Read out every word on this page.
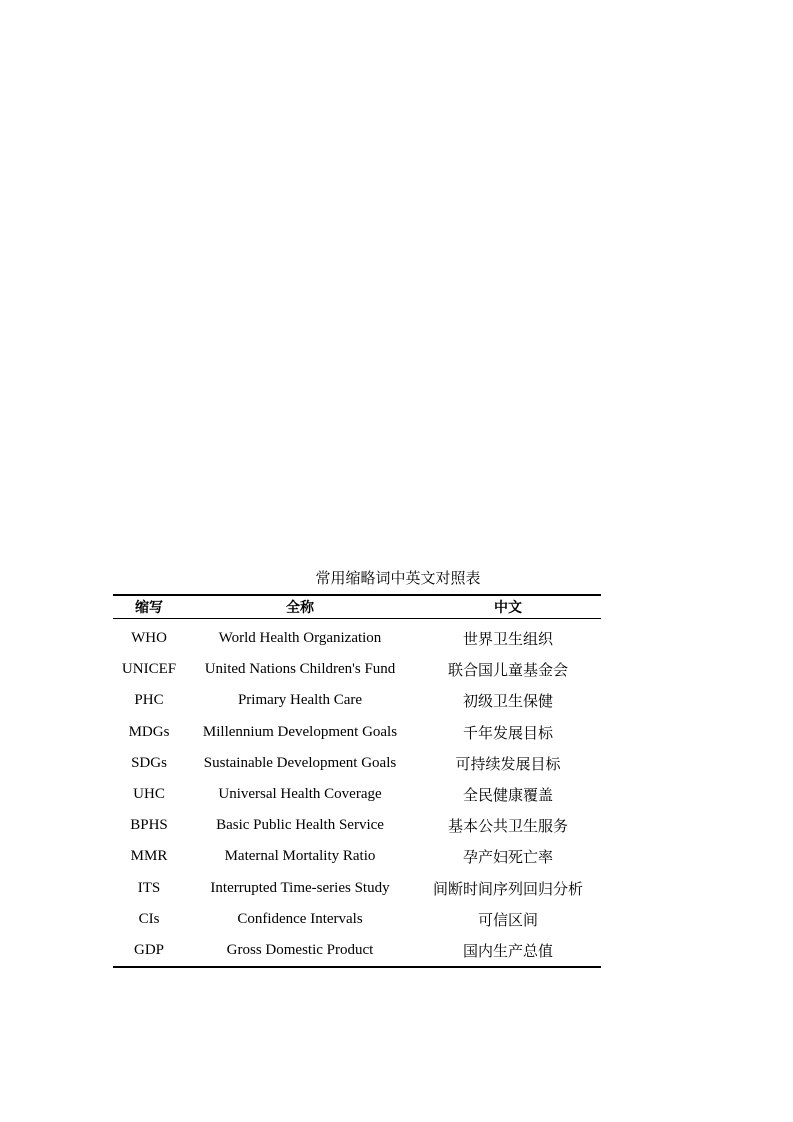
常用缩略词中英文对照表
缩写	全称	中文
WHO	World Health Organization	世界卫生组织
UNICEF	United Nations Children's Fund	联合国儿童基金会
PHC	Primary Health Care	初级卫生保健
MDGs	Millennium Development Goals	千年发展目标
SDGs	Sustainable Development Goals	可持续发展目标
UHC	Universal Health Coverage	全民健康覆盖
BPHS	Basic Public Health Service	基本公共卫生服务
MMR	Maternal Mortality Ratio	孕产妇死亡率
ITS	Interrupted Time-series Study	间断时间序列回归分析
CIs	Confidence Intervals	可信区间
GDP	Gross Domestic Product	国内生产总值
